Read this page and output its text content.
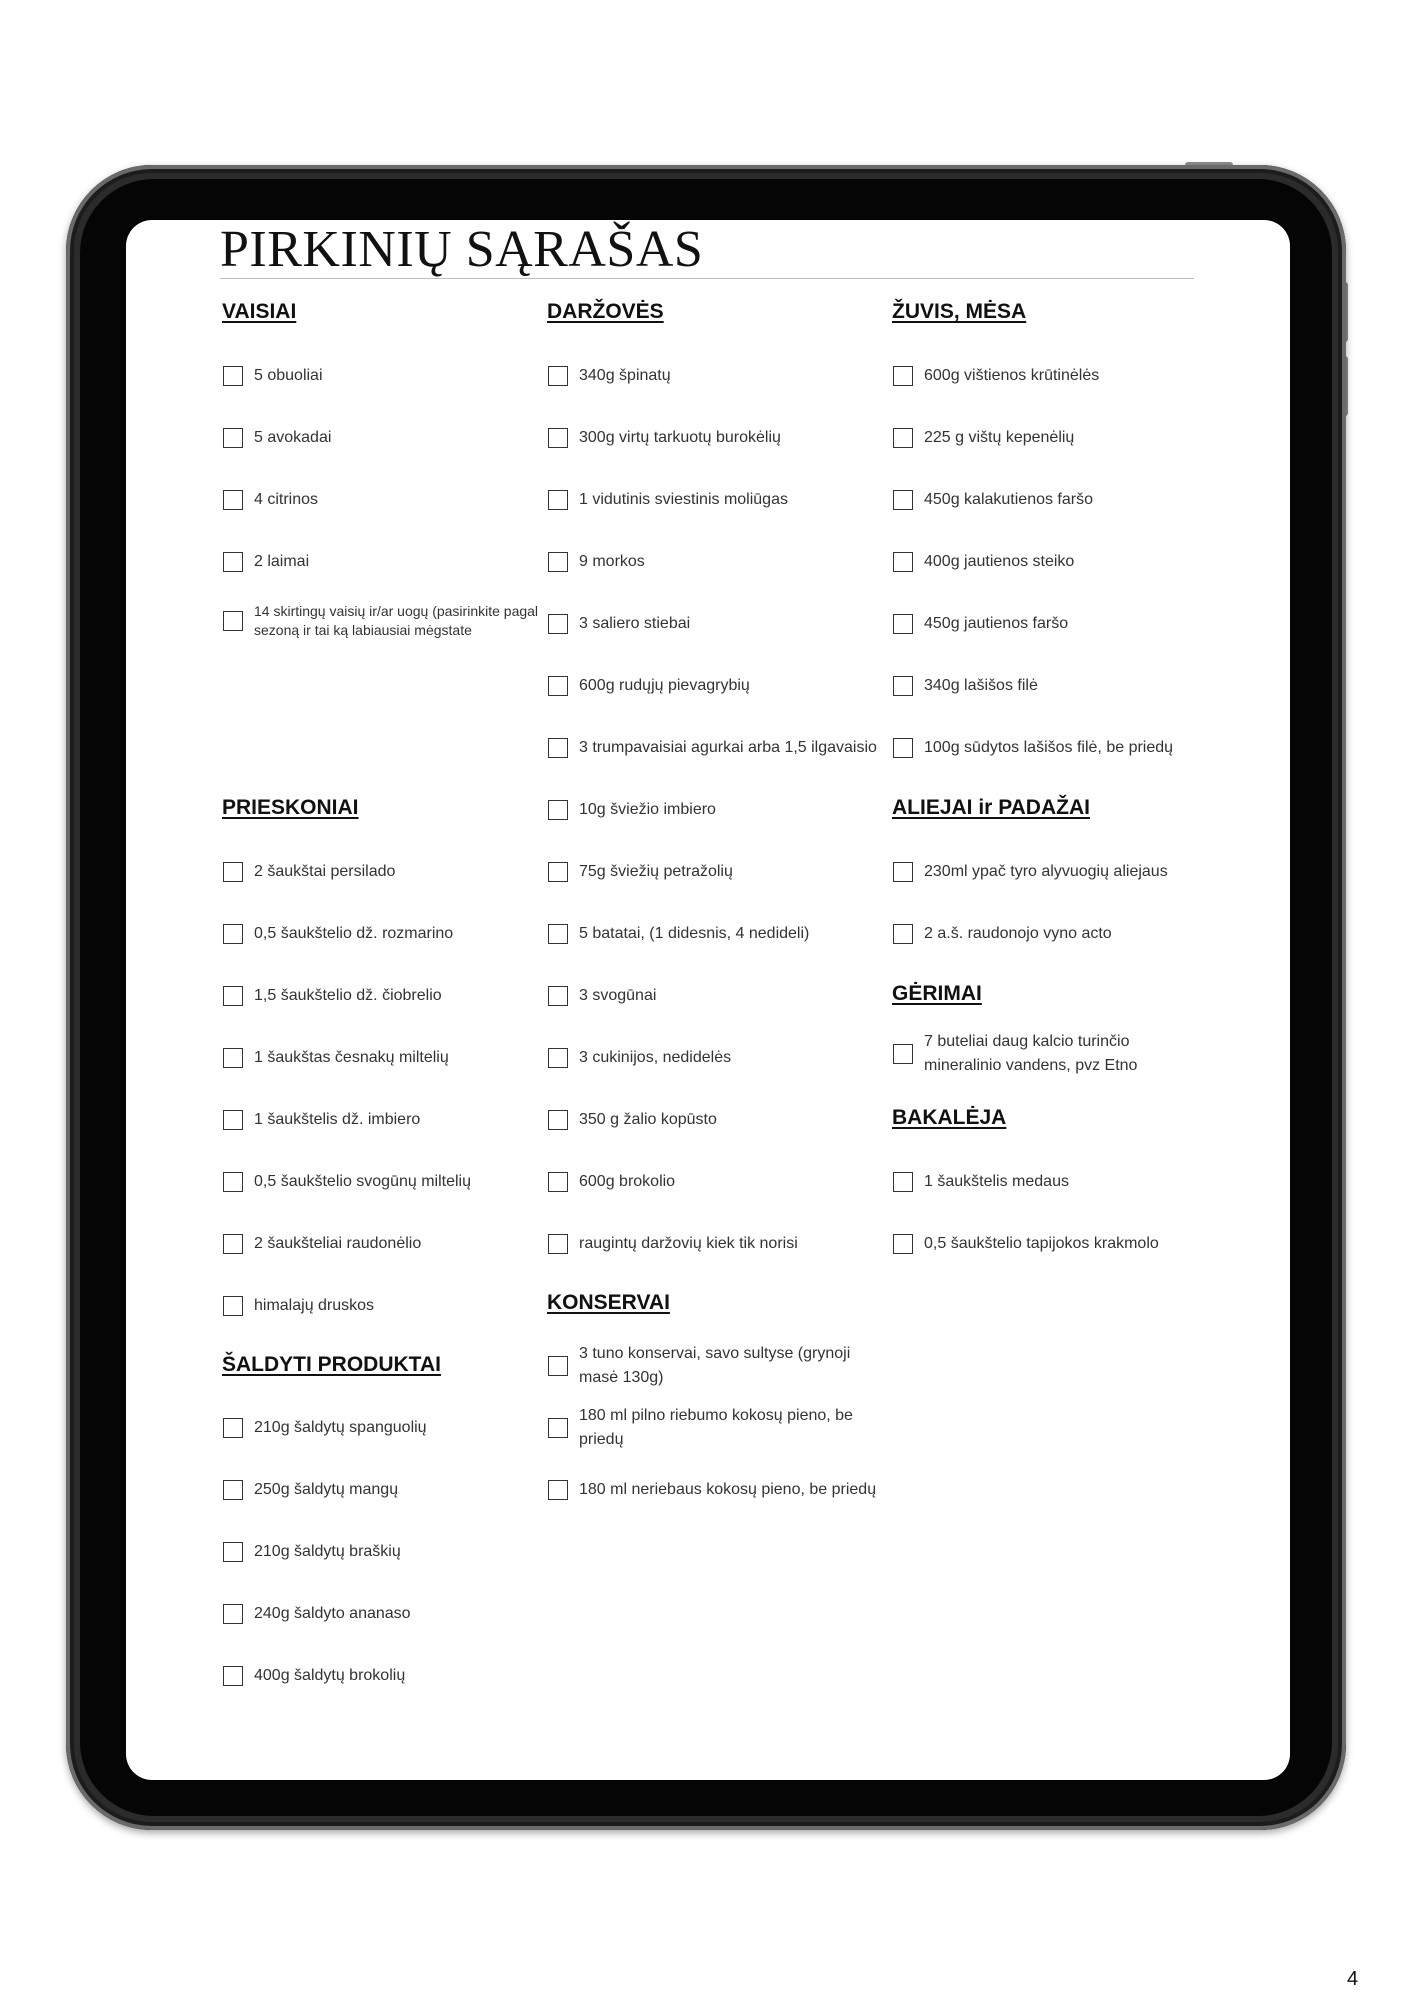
PIRKINIŲ SĄRAŠAS
VAISIAI
5 obuoliai
5 avokadai
4 citrinos
2 laimai
14 skirtingų vaisių ir/ar uogų (pasirinkite pagal sezoną ir tai ką labiausiai mėgstate
PRIESKONIAI
2 šaukštai persilado
0,5 šaukštelio dž. rozmarino
1,5 šaukštelio dž. čiobrelio
1 šaukštas česnakų miltelių
1 šaukštelis dž. imbiero
0,5 šaukštelio svogūnų miltelių
2 šaukšteliai raudonėlio
himalajų druskos
ŠALDYTI PRODUKTAI
210g šaldytų spanguolių
250g šaldytų mangų
210g šaldytų braškių
240g šaldyto ananaso
400g šaldytų brokolių
DARŽOVĖS
340g špinatų
300g virtų tarkuotų burokėlių
1 vidutinis sviestinis moliūgas
9 morkos
3 saliero stiebai
600g rudųjų pievagrybių
3 trumpavaisiai agurkai arba 1,5 ilgavaisio
10g šviežio imbiero
75g šviežių petražolių
5 batatai, (1 didesnis, 4 nedideli)
3 svogūnai
3 cukinijos, nedidelės
350 g žalio kopūsto
600g brokolio
raugintų daržovių kiek tik norisi
KONSERVAI
3 tuno konservai, savo sultyse (grynoji masė 130g)
180 ml pilno riebumo kokosų pieno, be priedų
180 ml neriebaus kokosų pieno, be priedų
ŽUVIS, MĖSA
600g vištienos krūtinėlės
225 g vištų kepenėlių
450g kalakutienos faršo
400g jautienos steiko
450g jautienos faršo
340g lašišos filė
100g sūdytos lašišos filė, be priedų
ALIEJAI ir PADAŽAI
230ml ypač tyro alyvuogių aliejaus
2 a.š. raudonojo vyno acto
GĖRIMAI
7 buteliai daug kalcio turinčio mineralinio vandens, pvz Etno
BAKALĖJA
1 šaukštelis medaus
0,5 šaukštelio tapijokos krakmolo
4
